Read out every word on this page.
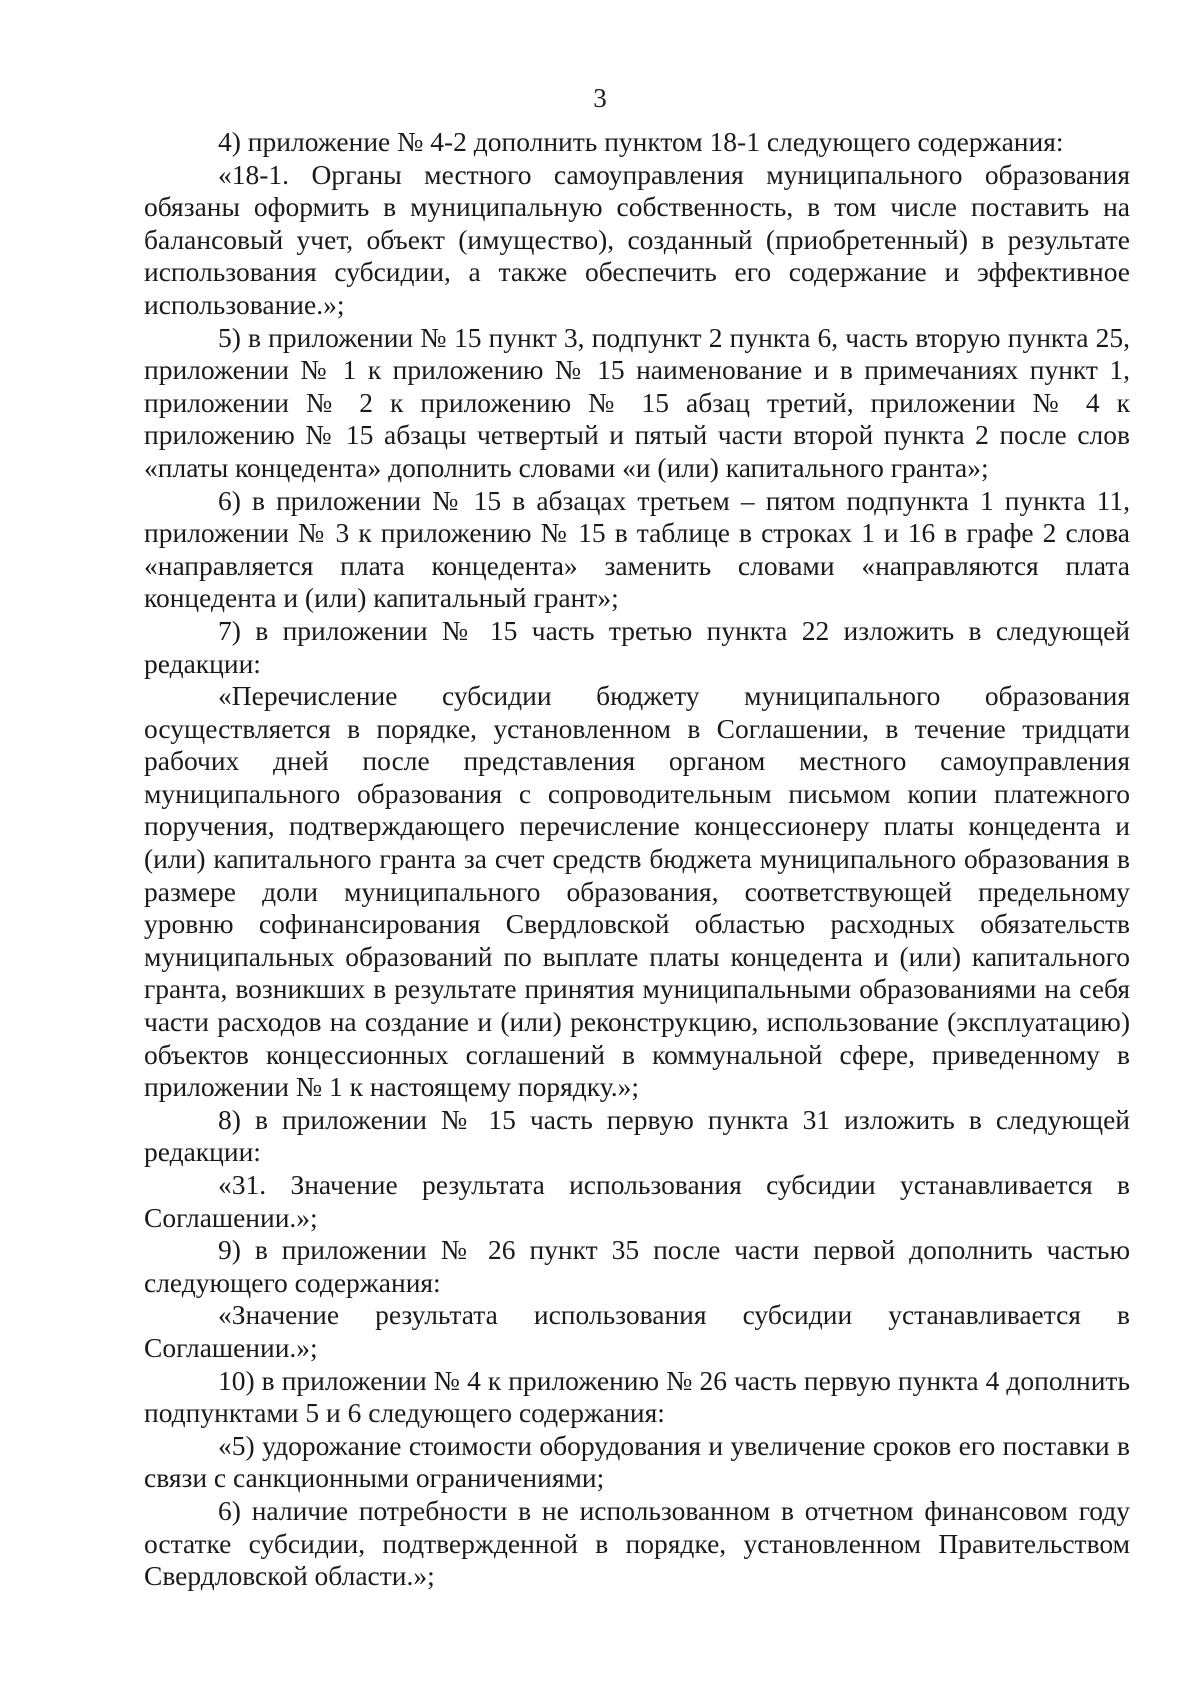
3

4) приложение № 4-2 дополнить пунктом 18-1 следующего содержания:

«18-1. Органы местного самоуправления муниципального образования обязаны оформить в муниципальную собственность, в том числе поставить на балансовый учет, объект (имущество), созданный (приобретенный) в результате использования субсидии, а также обеспечить его содержание и эффективное использование.»;

5) в приложении № 15 пункт 3, подпункт 2 пункта 6, часть вторую пункта 25, приложении № 1 к приложению № 15 наименование и в примечаниях пункт 1, приложении № 2 к приложению № 15 абзац третий, приложении № 4 к приложению № 15 абзацы четвертый и пятый части второй пункта 2 после слов «платы концедента» дополнить словами «и (или) капитального гранта»;

6) в приложении № 15 в абзацах третьем – пятом подпункта 1 пункта 11, приложении № 3 к приложению № 15 в таблице в строках 1 и 16 в графе 2 слова «направляется плата концедента» заменить словами «направляются плата концедента и (или) капитальный грант»;

7) в приложении № 15 часть третью пункта 22 изложить в следующей редакции:

«Перечисление субсидии бюджету муниципального образования осуществляется в порядке, установленном в Соглашении, в течение тридцати рабочих дней после представления органом местного самоуправления муниципального образования с сопроводительным письмом копии платежного поручения, подтверждающего перечисление концессионеру платы концедента и (или) капитального гранта за счет средств бюджета муниципального образования в размере доли муниципального образования, соответствующей предельному уровню софинансирования Свердловской областью расходных обязательств муниципальных образований по выплате платы концедента и (или) капитального гранта, возникших в результате принятия муниципальными образованиями на себя части расходов на создание и (или) реконструкцию, использование (эксплуатацию) объектов концессионных соглашений в коммунальной сфере, приведенному в приложении № 1 к настоящему порядку.»;

8) в приложении № 15 часть первую пункта 31 изложить в следующей редакции:

«31. Значение результата использования субсидии устанавливается в Соглашении.»;

9) в приложении № 26 пункт 35 после части первой дополнить частью следующего содержания:

«Значение результата использования субсидии устанавливается в Соглашении.»;

10) в приложении № 4 к приложению № 26 часть первую пункта 4 дополнить подпунктами 5 и 6 следующего содержания:

«5) удорожание стоимости оборудования и увеличение сроков его поставки в связи с санкционными ограничениями;

6) наличие потребности в не использованном в отчетном финансовом году остатке субсидии, подтвержденной в порядке, установленном Правительством Свердловской области.»;
